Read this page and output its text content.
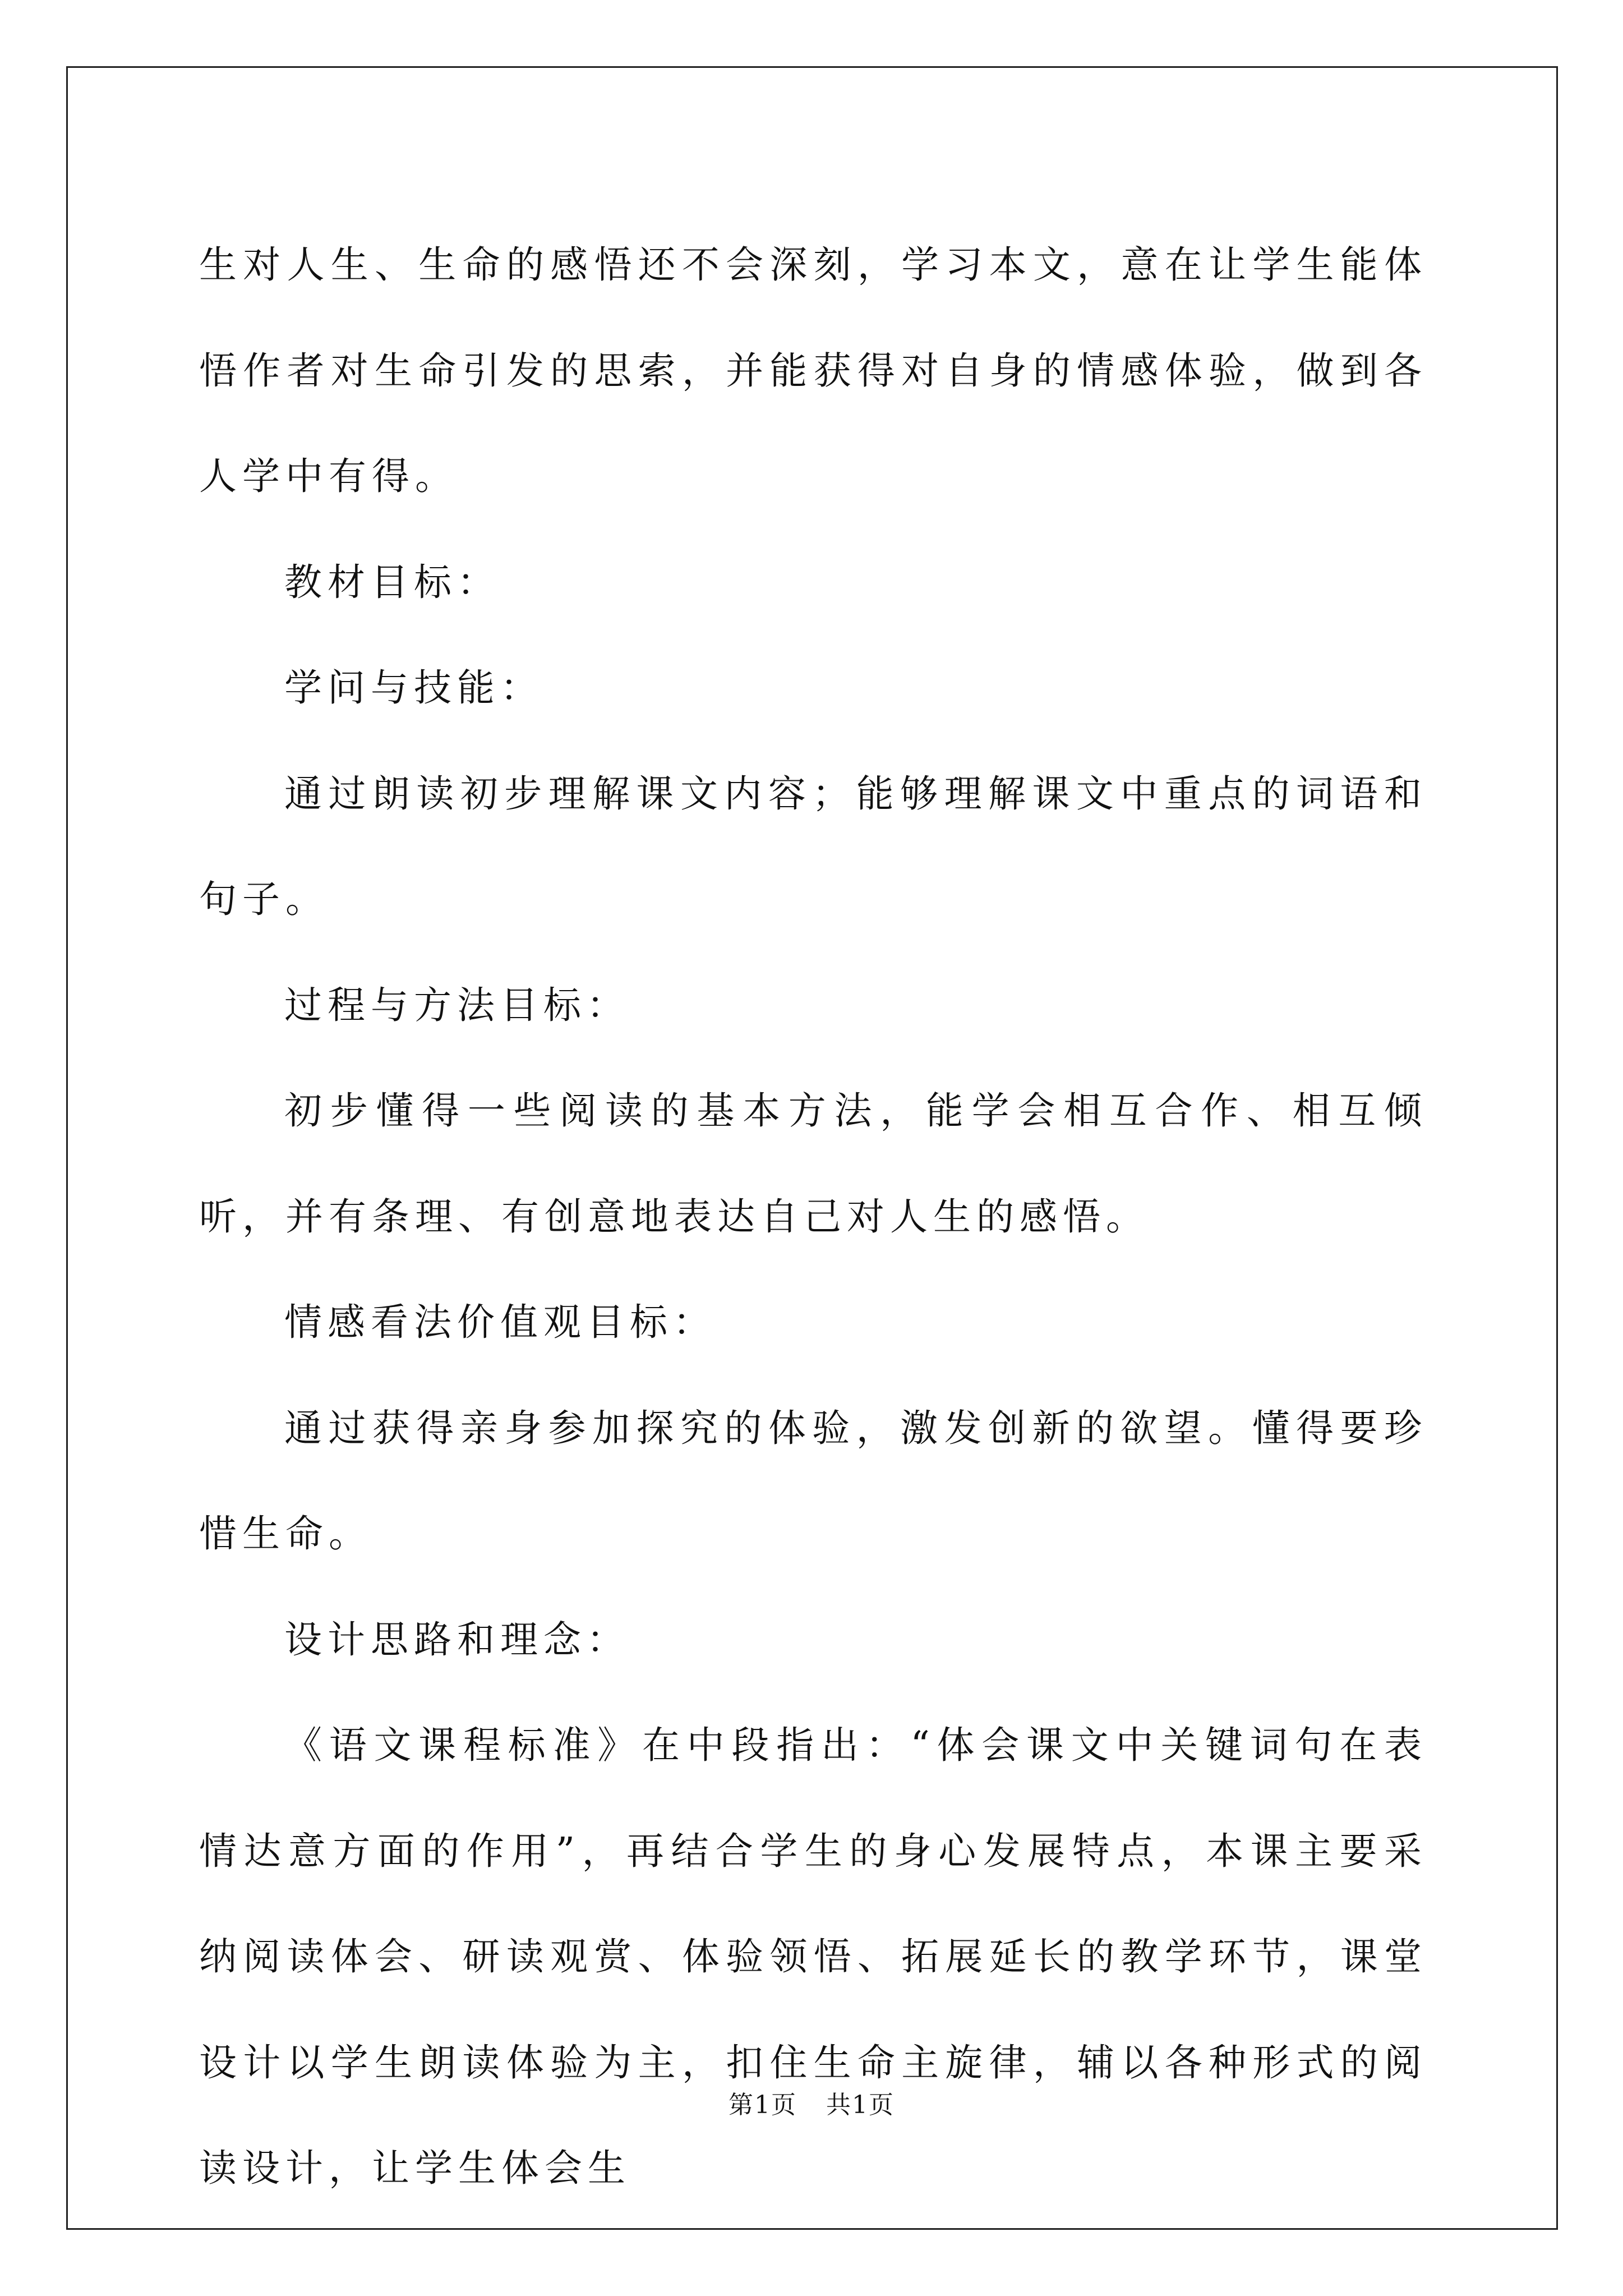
生对人生、生命的感悟还不会深刻，学习本文，意在让学生能体悟作者对生命引发的思索，并能获得对自身的情感体验，做到各人学中有得。

教材目标：

学问与技能：

通过朗读初步理解课文内容；能够理解课文中重点的词语和句子。

过程与方法目标：

初步懂得一些阅读的基本方法，能学会相互合作、相互倾听，并有条理、有创意地表达自己对人生的感悟。

情感看法价值观目标：

通过获得亲身参加探究的体验，激发创新的欲望。懂得要珍惜生命。

设计思路和理念：

《语文课程标准》在中段指出：“体会课文中关键词句在表情达意方面的作用”，再结合学生的身心发展特点，本课主要采纳阅读体会、研读观赏、体验领悟、拓展延长的教学环节，课堂设计以学生朗读体验为主，扣住生命主旋律，辅以各种形式的阅读设计，让学生体会生

第1页 共1页
